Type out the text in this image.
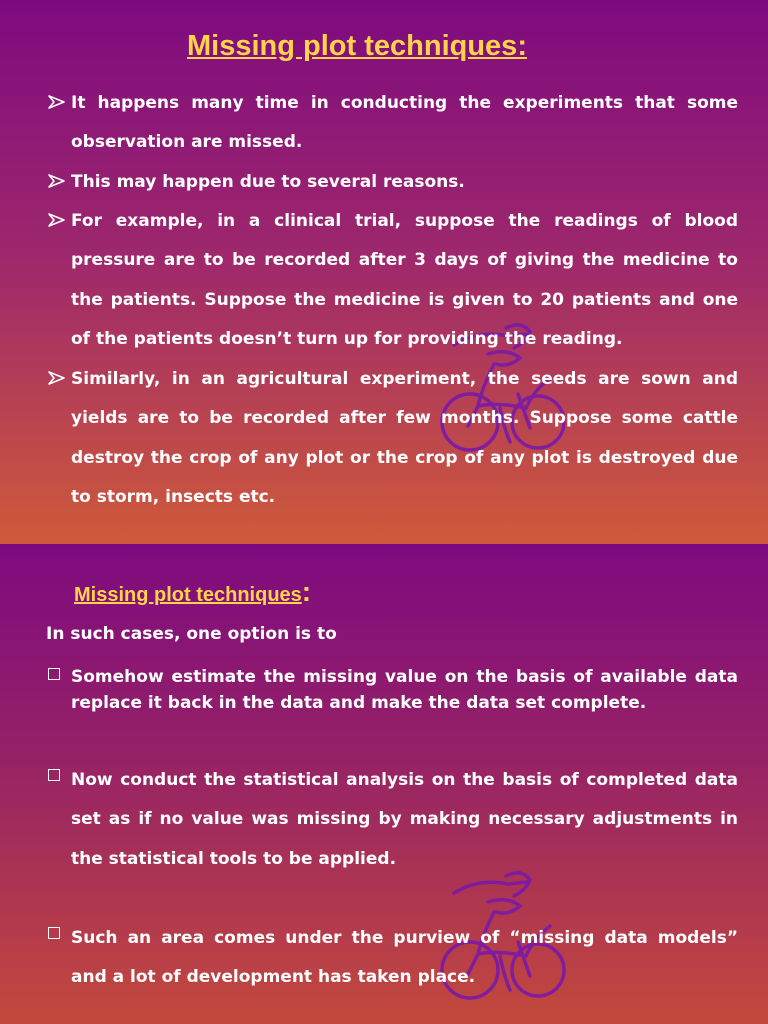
Missing plot techniques:
It happens many time in conducting the experiments that some observation are missed.
This may happen due to several reasons.
For example, in a clinical trial, suppose the readings of blood pressure are to be recorded after 3 days of giving the medicine to the patients. Suppose the medicine is given to 20 patients and one of the patients doesn’t turn up for providing the reading.
Similarly, in an agricultural experiment, the seeds are sown and yields are to be recorded after few months. Suppose some cattle destroy the crop of any plot or the crop of any plot is destroyed due to storm, insects etc.
Missing plot techniques:
In such cases, one option is to
Somehow estimate the missing value on the basis of available data replace it back in the data and make the data set complete.
Now conduct the statistical analysis on the basis of completed data set as if no value was missing by making necessary adjustments in the statistical tools to be applied.
Such an area comes under the purview of “missing data models” and a lot of development has taken place.
